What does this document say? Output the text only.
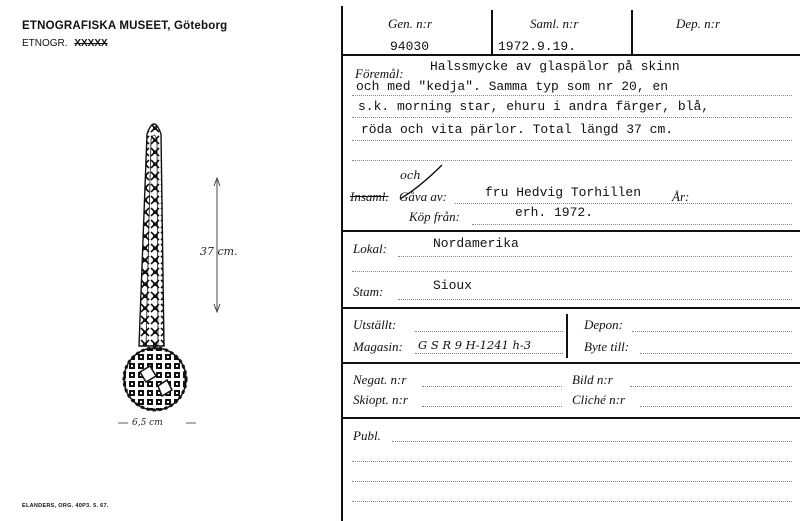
ETNOGRAFISKA MUSEET, Göteborg
ETNOGR. XXXXX
37 cm.
6,5 cm
ELANDERS, ORG. 40P3. 5. 67.
Gen. n:r	Saml. n:r	Dep. n:r
94030	1972.9.19.
Föremål: Halssmycke av glaspälor på skinn
och med "kedja". Samma typ som nr 20, en
s.k. morning star, ehuru i andra färger, blå,
röda och vita pärlor. Total längd 37 cm.
och
Insaml. Gåva av:	fru Hedvig Torhillen År:
Köp från:	erh. 1972.
Lokal:	Nordamerika
Stam:	Sioux
Utställt:
Magasin: G S R 9 H-1241 h-3
Depon:
Byte till:
Negat. n:r	Bild n:r
Skiopt. n:r	Cliché n:r
Publ.
